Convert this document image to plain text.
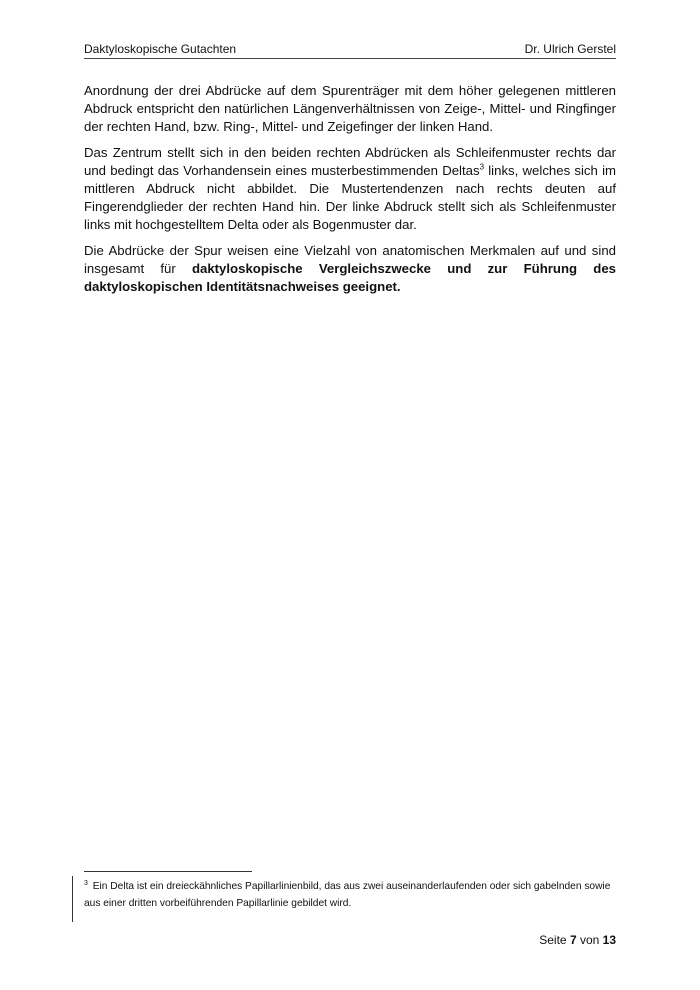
Daktyloskopische Gutachten	Dr. Ulrich Gerstel

Anordnung der drei Abdrücke auf dem Spurenträger mit dem höher gelegenen mittleren Abdruck entspricht den natürlichen Längenverhältnissen von Zeige-, Mittel- und Ringfinger der rechten Hand, bzw. Ring-, Mittel- und Zeigefinger der linken Hand.

Das Zentrum stellt sich in den beiden rechten Abdrücken als Schleifenmuster rechts dar und bedingt das Vorhandensein eines musterbestimmenden Deltas$^3$ links, welches sich im mittleren Abdruck nicht abbildet. Die Mustertendenzen nach rechts deuten auf Fingerendglieder der rechten Hand hin. Der linke Abdruck stellt sich als Schleifenmuster links mit hochgestelltem Delta oder als Bogenmuster dar.

Die Abdrücke der Spur weisen eine Vielzahl von anatomischen Merkmalen auf und sind insgesamt für daktyloskopische Vergleichszwecke und zur Führung des daktyloskopischen Identitätsnachweises geeignet.

$^3$ Ein Delta ist ein dreieckähnliches Papillarlinienbild, das aus zwei auseinanderlaufenden oder sich gabelnden sowie aus einer dritten vorbeiführenden Papillarlinie gebildet wird.
Seite 7 von 13
